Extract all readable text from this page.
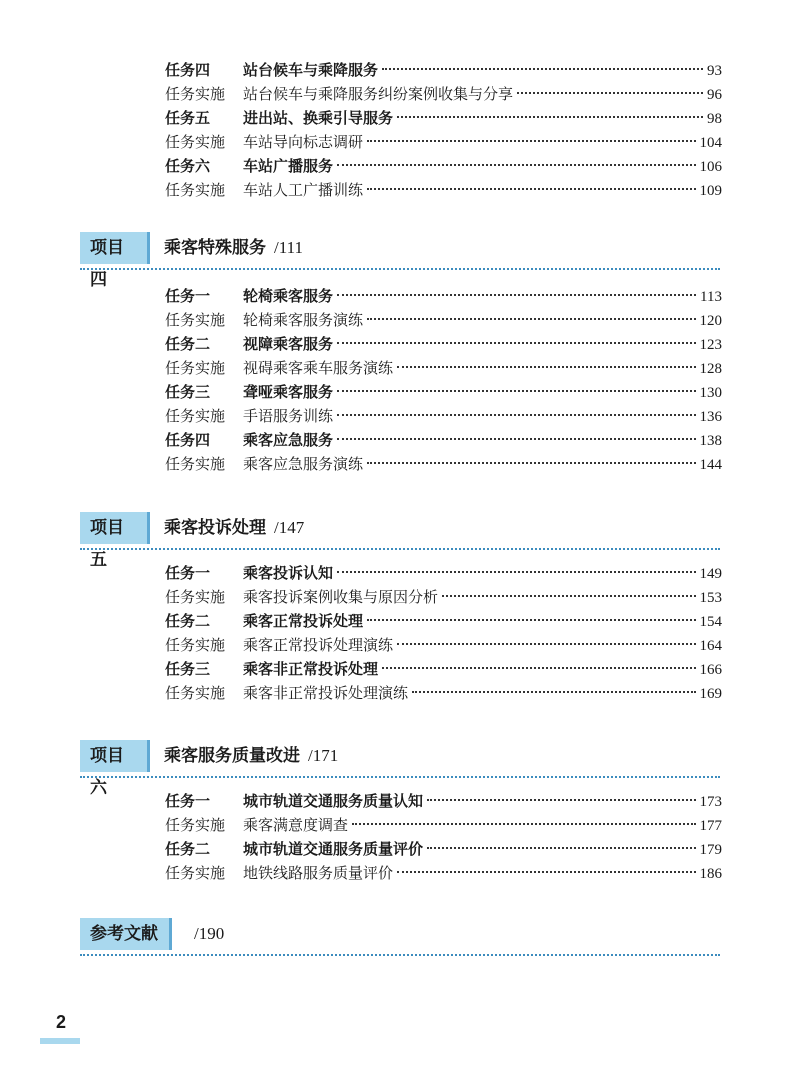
任务四	站台候车与乘降服务	93
任务实施	站台候车与乘降服务纠纷案例收集与分享	96
任务五	进出站、换乘引导服务	98
任务实施	车站导向标志调研	104
任务六	车站广播服务	106
任务实施	车站人工广播训练	109
项目四
乘客特殊服务 /111
任务一	轮椅乘客服务	113
任务实施	轮椅乘客服务演练	120
任务二	视障乘客服务	123
任务实施	视碍乘客乘车服务演练	128
任务三	聋哑乘客服务	130
任务实施	手语服务训练	136
任务四	乘客应急服务	138
任务实施	乘客应急服务演练	144
项目五
乘客投诉处理 /147
任务一	乘客投诉认知	149
任务实施	乘客投诉案例收集与原因分析	153
任务二	乘客正常投诉处理	154
任务实施	乘客正常投诉处理演练	164
任务三	乘客非正常投诉处理	166
任务实施	乘客非正常投诉处理演练	169
项目六
乘客服务质量改进 /171
任务一	城市轨道交通服务质量认知	173
任务实施	乘客满意度调查	177
任务二	城市轨道交通服务质量评价	179
任务实施	地铁线路服务质量评价	186
参考文献	/190
2
